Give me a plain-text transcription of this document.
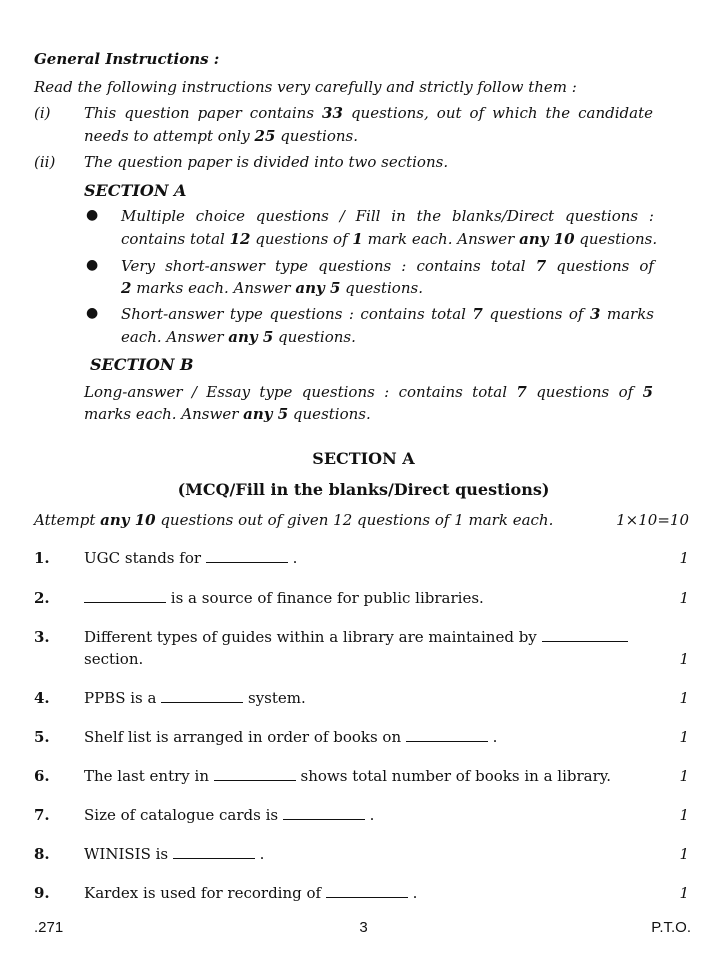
General Instructions :
Read the following instructions very carefully and strictly follow them :
(i) This question paper contains 33 questions, out of which the candidate
needs to attempt only 25 questions.
(ii) The question paper is divided into two sections.
SECTION A
● Multiple choice questions / Fill in the blanks/Direct questions :
contains total 12 questions of 1 mark each. Answer any 10 questions.
● Very short-answer type questions : contains total 7 questions of
2 marks each. Answer any 5 questions.
● Short-answer type questions : contains total 7 questions of 3 marks
each. Answer any 5 questions.
SECTION B
Long-answer / Essay type questions : contains total 7 questions of 5
marks each. Answer any 5 questions.
SECTION A
(MCQ/Fill in the blanks/Direct questions)
Attempt any 10 questions out of given 12 questions of 1 mark each.	1×10=10
1. UGC stands for	.	1
2.	is a source of finance for public libraries.	1
3. Different types of guides within a library are maintained by
section.	1
4. PPBS is a	system.	1
5. Shelf list is arranged in order of books on	.	1
6. The last entry in	shows total number of books in a library.	1
7. Size of catalogue cards is	.	1
8. WINISIS is	.	1
9. Kardex is used for recording of	.	1
.271	3	P.T.O.
